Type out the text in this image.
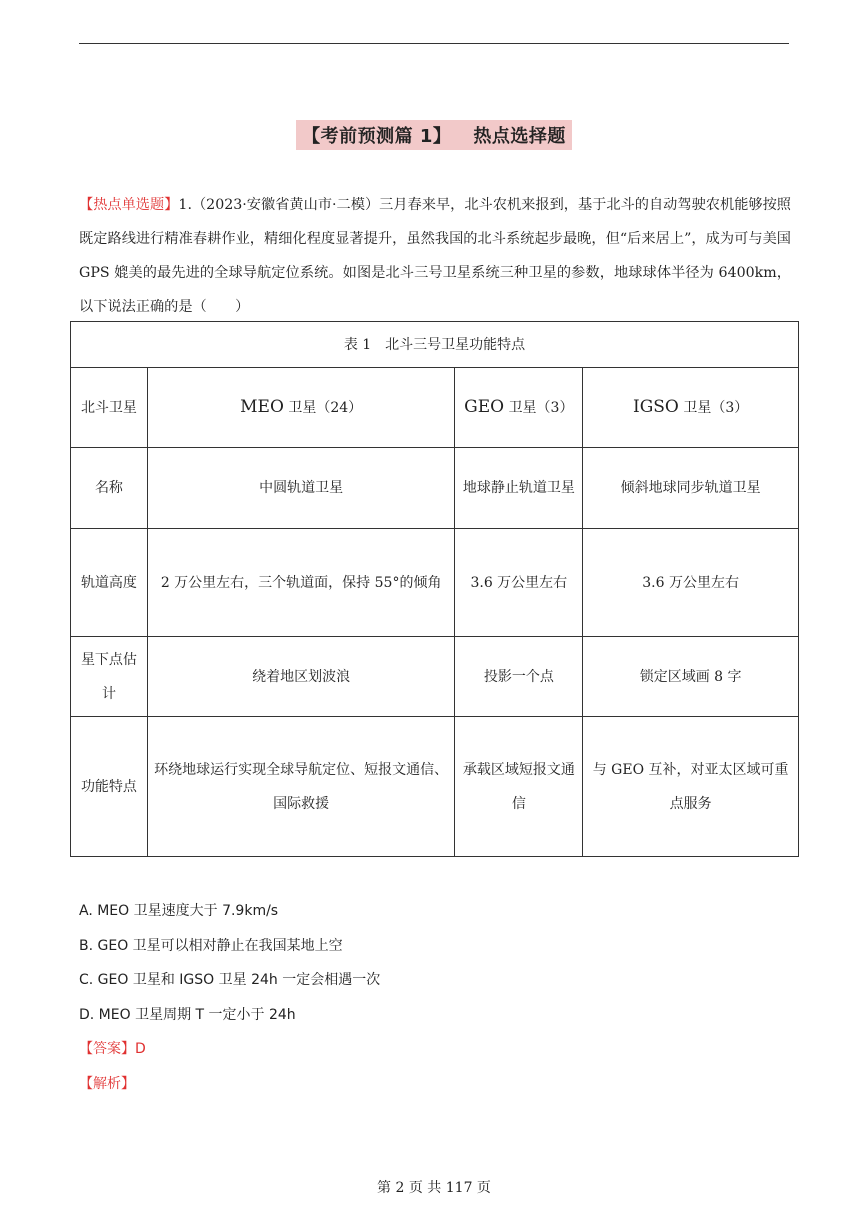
【考前预测篇 1】 热点选择题
【热点单选题】1.（2023·安徽省黄山市·二模）三月春来早，北斗农机来报到，基于北斗的自动驾驶农机能够按照既定路线进行精准春耕作业，精细化程度显著提升，虽然我国的北斗系统起步最晚，但“后来居上”，成为可与美国 GPS 媲美的最先进的全球导航定位系统。如图是北斗三号卫星系统三种卫星的参数，地球球体半径为 6400km，以下说法正确的是（　　）
表 1　北斗三号卫星功能特点			
北斗卫星	MEO 卫星（24）	GEO 卫星（3）	IGSO 卫星（3）
名称	中圆轨道卫星	地球静止轨道卫星	倾斜地球同步轨道卫星
轨道高度	2 万公里左右，三个轨道面，保持 55°的倾角	3.6 万公里左右	3.6 万公里左右
星下点估计	绕着地区划波浪	投影一个点	锁定区域画 8 字
功能特点	环绕地球运行实现全球导航定位、短报文通信、国际救援	承载区域短报文通信	与 GEO 互补，对亚太区域可重点服务
A. MEO 卫星速度大于 7.9km/s
B. GEO 卫星可以相对静止在我国某地上空
C. GEO 卫星和 IGSO 卫星 24h 一定会相遇一次
D. MEO 卫星周期 T 一定小于 24h
【答案】D
【解析】
第 2 页 共 117 页
